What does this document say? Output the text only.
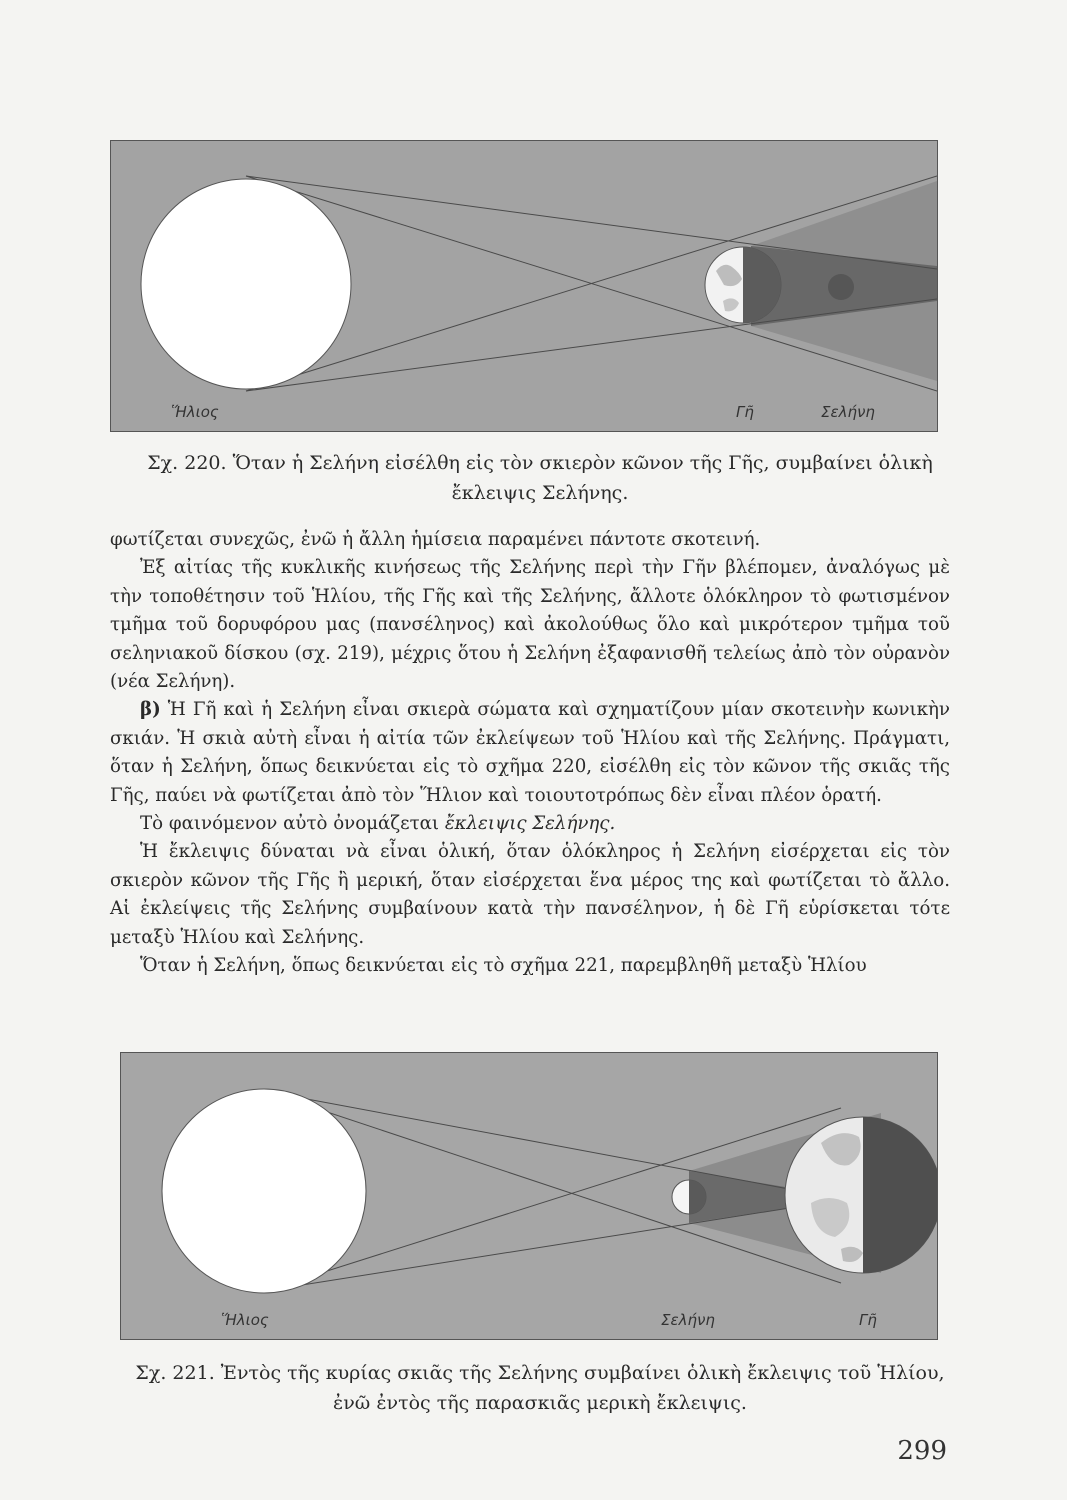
Ἥλιος	Γῆ	Σελήνη

Σχ. 220. Ὅταν ἡ Σελήνη εἰσέλθη εἰς τὸν σκιερὸν κῶνον τῆς Γῆς, συμβαίνει ὁλικὴ ἔκλειψις Σελήνης.

φωτίζεται συνεχῶς, ἐνῶ ἡ ἄλλη ἡμίσεια παραμένει πάντοτε σκοτεινή.

Ἐξ αἰτίας τῆς κυκλικῆς κινήσεως τῆς Σελήνης περὶ τὴν Γῆν βλέπομεν, ἀναλόγως μὲ τὴν τοποθέτησιν τοῦ Ἡλίου, τῆς Γῆς καὶ τῆς Σελήνης, ἄλλοτε ὁλόκληρον τὸ φωτισμένον τμῆμα τοῦ δορυφόρου μας (πανσέληνος) καὶ ἀκολούθως ὅλο καὶ μικρότερον τμῆμα τοῦ σεληνιακοῦ δίσκου (σχ. 219), μέχρις ὅτου ἡ Σελήνη ἐξαφανισθῆ τελείως ἀπὸ τὸν οὐρανὸν (νέα Σελήνη).

β) Ἡ Γῆ καὶ ἡ Σελήνη εἶναι σκιερὰ σώματα καὶ σχηματίζουν μίαν σκοτεινὴν κωνικὴν σκιάν. Ἡ σκιὰ αὐτὴ εἶναι ἡ αἰτία τῶν ἐκλείψεων τοῦ Ἡλίου καὶ τῆς Σελήνης. Πράγματι, ὅταν ἡ Σελήνη, ὅπως δεικνύεται εἰς τὸ σχῆμα 220, εἰσέλθη εἰς τὸν κῶνον τῆς σκιᾶς τῆς Γῆς, παύει νὰ φωτίζεται ἀπὸ τὸν Ἥλιον καὶ τοιουτοτρόπως δὲν εἶναι πλέον ὁρατή.

Τὸ φαινόμενον αὐτὸ ὀνομάζεται ἔκλειψις Σελήνης.

Ἡ ἔκλειψις δύναται νὰ εἶναι ὁλική, ὅταν ὁλόκληρος ἡ Σελήνη εἰσέρχεται εἰς τὸν σκιερὸν κῶνον τῆς Γῆς ἢ μερική, ὅταν εἰσέρχεται ἕνα μέρος της καὶ φωτίζεται τὸ ἄλλο. Αἱ ἐκλείψεις τῆς Σελήνης συμβαίνουν κατὰ τὴν πανσέληνον, ἡ δὲ Γῆ εὑρίσκεται τότε μεταξὺ Ἡλίου καὶ Σελήνης.

Ὅταν ἡ Σελήνη, ὅπως δεικνύεται εἰς τὸ σχῆμα 221, παρεμβληθῆ μεταξὺ Ἡλίου

Ἥλιος	Σελήνη	Γῆ

Σχ. 221. Ἐντὸς τῆς κυρίας σκιᾶς τῆς Σελήνης συμβαίνει ὁλικὴ ἔκλειψις τοῦ Ἡλίου, ἐνῶ ἐντὸς τῆς παρασκιᾶς μερικὴ ἔκλειψις.

299
